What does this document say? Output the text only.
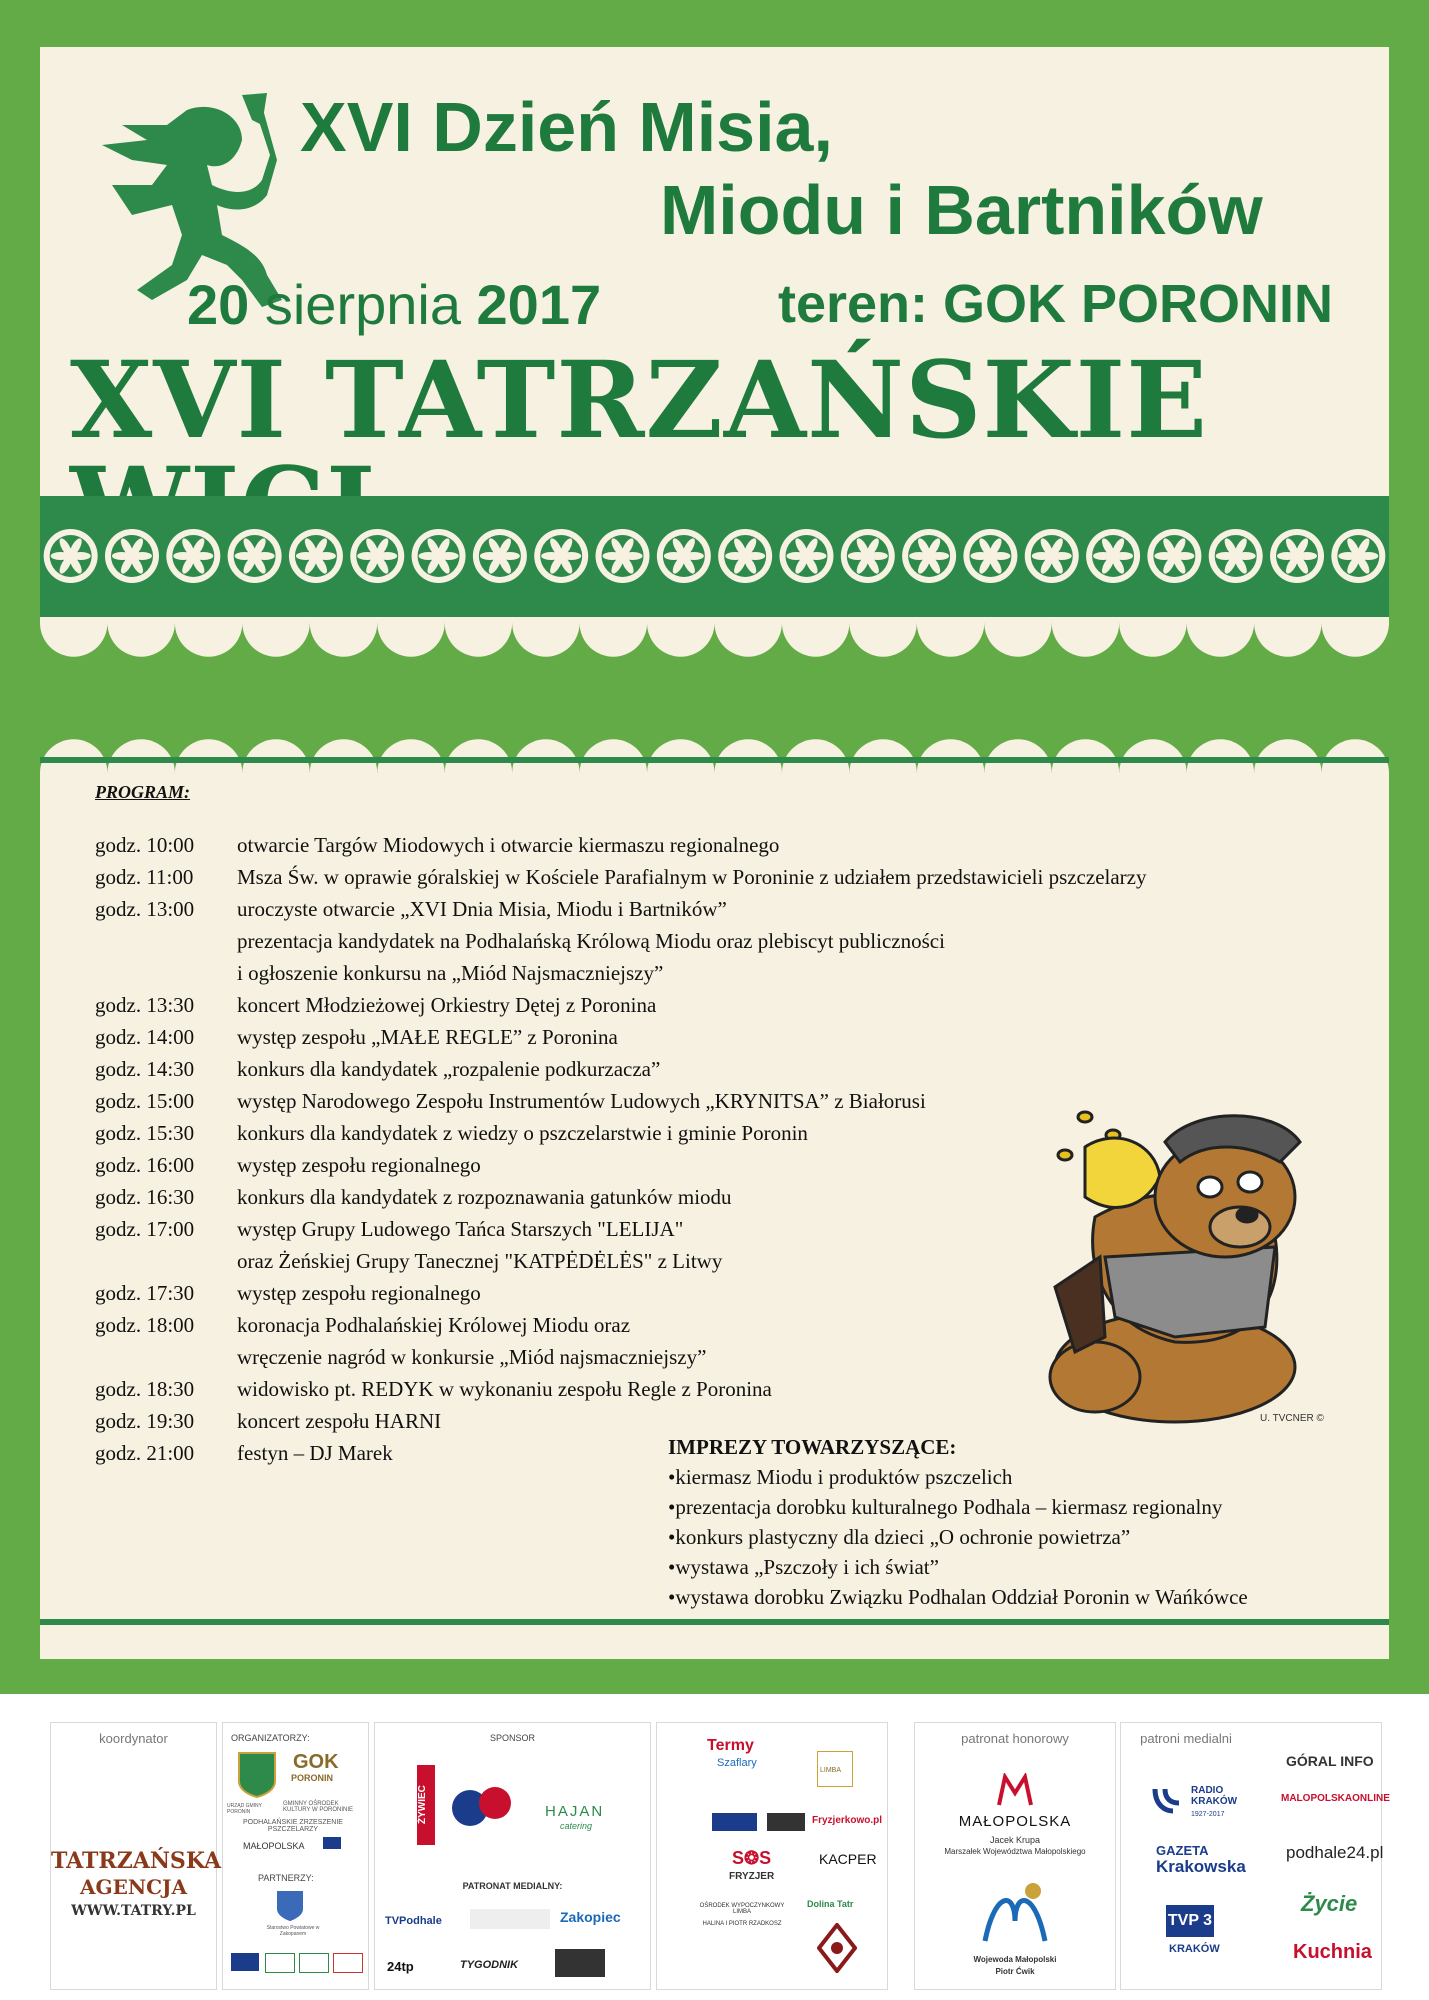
XVI Dzień Misia,
Miodu i Bartników
20 sierpnia 2017	teren: GOK PORONIN
XVI TATRZAŃSKIE
PROGRAM:
godz. 10:00	otwarcie Targów Miodowych i otwarcie kiermaszu regionalnego
godz. 11:00	Msza Św. w oprawie góralskiej w Kościele Parafialnym w Poroninie z udziałem przedstawicieli pszczelarzy
godz. 13:00	uroczyste otwarcie „XVI Dnia Misia, Miodu i Bartników”
prezentacja kandydatek na Podhalańską Królową Miodu oraz plebiscyt publiczności
i ogłoszenie konkursu na „Miód Najsmaczniejszy”
godz. 13:30	koncert Młodzieżowej Orkiestry Dętej z Poronina
godz. 14:00	występ zespołu „MAŁE REGLE” z Poronina
godz. 14:30	konkurs dla kandydatek „rozpalenie podkurzacza”
godz. 15:00	występ Narodowego Zespołu Instrumentów Ludowych „KRYNITSA” z Białorusi
godz. 15:30	konkurs dla kandydatek z wiedzy o pszczelarstwie i gminie Poronin
godz. 16:00	występ zespołu regionalnego
godz. 16:30	konkurs dla kandydatek z rozpoznawania gatunków miodu
godz. 17:00	występ Grupy Ludowego Tańca Starszych "LELIJA"
oraz Żeńskiej Grupy Tanecznej "KATPĖDĖLĖS" z Litwy
godz. 17:30	występ zespołu regionalnego
godz. 18:00	koronacja Podhalańskiej Królowej Miodu oraz
wręczenie nagród w konkursie „Miód najsmaczniejszy”
godz. 18:30	widowisko pt. REDYK w wykonaniu zespołu Regle z Poronina
godz. 19:30	koncert zespołu HARNI
godz. 21:00	festyn – DJ Marek
U. TVCNER ©
IMPREZY TOWARZYSZĄCE:
•kiermasz Miodu i produktów pszczelich
•prezentacja dorobku kulturalnego Podhala – kiermasz regionalny
•konkurs plastyczny dla dzieci „O ochronie powietrza”
•wystawa „Pszczoły i ich świat”
•wystawa dorobku Związku Podhalan Oddział Poronin w Wańkówce
koordynator
TATRZAŃSKA
AGENCJA
WWW.TATRY.PL
ORGANIZATORZY:
GOK
PORONIN
URZĄD GMINY PORONIN
GMINNY OŚRODEK KULTURY W PORONINIE
PODHALAŃSKIE ZRZESZENIE PSZCZELARZY
MAŁOPOLSKA
PARTNERZY:
Starostwo Powiatowe w Zakopanem
SPONSOR
ŻYWIEC	HAJAN
catering
PATRONAT MEDIALNY:
TVPodhale	Zakopiec
24tp	TYGODNIK
Termy
Szaflary
LIMBA
Fryzjerkowo.pl
S❂S
FRYZJER
KACPER
OŚRODEK WYPOCZYNKOWY LIMBA
HALINA I PIOTR RZADKOSZ
Dolina Tatr
patronat honorowy
MAŁOPOLSKA
Jacek Krupa
Marszałek Województwa Małopolskiego
Wojewoda Małopolski
Piotr Ćwik
patroni medialni
GÓRAL INFO
RADIO KRAKÓW
1927-2017
MALOPOLSKAONLINE
GAZETA
Krakowska
podhale24.pl
TVP 3
KRAKÓW
Życie
Kuchnia
